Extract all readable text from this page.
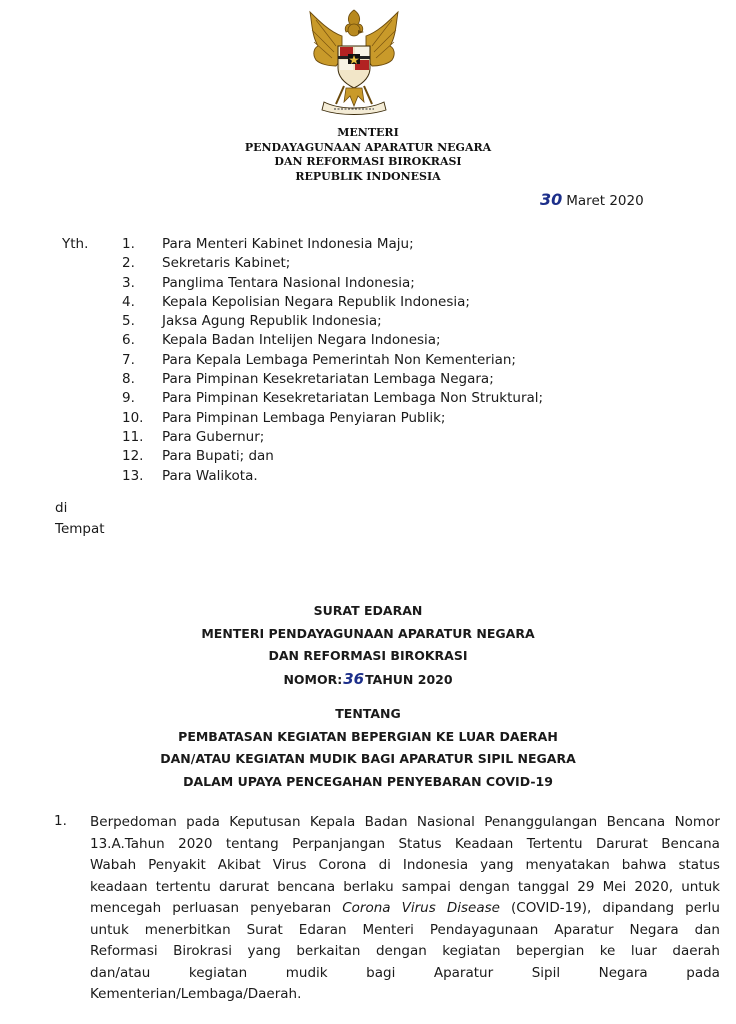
MENTERI
PENDAYAGUNAAN APARATUR NEGARA
DAN REFORMASI BIROKRASI
REPUBLIK INDONESIA
30 Maret 2020
Yth. 1. Para Menteri Kabinet Indonesia Maju;
2. Sekretaris Kabinet;
3. Panglima Tentara Nasional Indonesia;
4. Kepala Kepolisian Negara Republik Indonesia;
5. Jaksa Agung Republik Indonesia;
6. Kepala Badan Intelijen Negara Indonesia;
7. Para Kepala Lembaga Pemerintah Non Kementerian;
8. Para Pimpinan Kesekretariatan Lembaga Negara;
9. Para Pimpinan Kesekretariatan Lembaga Non Struktural;
10. Para Pimpinan Lembaga Penyiaran Publik;
11. Para Gubernur;
12. Para Bupati; dan
13. Para Walikota.
di
Tempat
SURAT EDARAN
MENTERI PENDAYAGUNAAN APARATUR NEGARA
DAN REFORMASI BIROKRASI
NOMOR:36TAHUN 2020
TENTANG
PEMBATASAN KEGIATAN BEPERGIAN KE LUAR DAERAH
DAN/ATAU KEGIATAN MUDIK BAGI APARATUR SIPIL NEGARA
DALAM UPAYA PENCEGAHAN PENYEBARAN COVID-19
1. Berpedoman pada Keputusan Kepala Badan Nasional Penanggulangan Bencana Nomor
13.A.Tahun 2020 tentang Perpanjangan Status Keadaan Tertentu Darurat Bencana
Wabah Penyakit Akibat Virus Corona di Indonesia yang menyatakan bahwa status
keadaan tertentu darurat bencana berlaku sampai dengan tanggal 29 Mei 2020, untuk
mencegah perluasan penyebaran Corona Virus Disease (COVID-19), dipandang perlu
untuk menerbitkan Surat Edaran Menteri Pendayagunaan Aparatur Negara dan
Reformasi Birokrasi yang berkaitan dengan kegiatan bepergian ke luar daerah
dan/atau	kegiatan	mudik	bagi	Aparatur	Sipil	Negara	pada
Kementerian/Lembaga/Daerah.
